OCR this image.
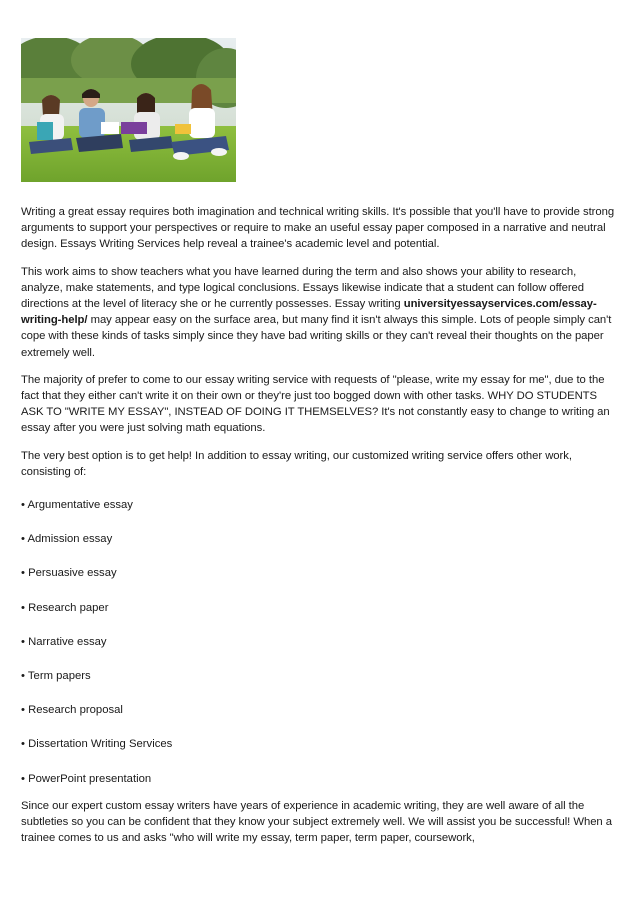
Writing a great essay requires both imagination and technical writing skills. It's possible that you'll have to provide strong arguments to support your perspectives or require to make an useful essay paper composed in a narrative and neutral design. Essays Writing Services help reveal a trainee's academic level and potential.

This work aims to show teachers what you have learned during the term and also shows your ability to research, analyze, make statements, and type logical conclusions. Essays likewise indicate that a student can follow offered directions at the level of literacy she or he currently possesses. Essay writing universityessayservices.com/essay-writing-help/ may appear easy on the surface area, but many find it isn't always this simple. Lots of people simply can't cope with these kinds of tasks simply since they have bad writing skills or they can't reveal their thoughts on the paper extremely well.

The majority of prefer to come to our essay writing service with requests of "please, write my essay for me", due to the fact that they either can't write it on their own or they're just too bogged down with other tasks. WHY DO STUDENTS ASK TO "WRITE MY ESSAY", INSTEAD OF DOING IT THEMSELVES? It's not constantly easy to change to writing an essay after you were just solving math equations.

The very best option is to get help! In addition to essay writing, our customized writing service offers other work, consisting of:

• Argumentative essay
• Admission essay
• Persuasive essay
• Research paper
• Narrative essay
• Term papers
• Research proposal
• Dissertation Writing Services
• PowerPoint presentation

Since our expert custom essay writers have years of experience in academic writing, they are well aware of all the subtleties so you can be confident that they know your subject extremely well. We will assist you be successful! When a trainee comes to us and asks "who will write my essay, term paper, term paper, coursework,
